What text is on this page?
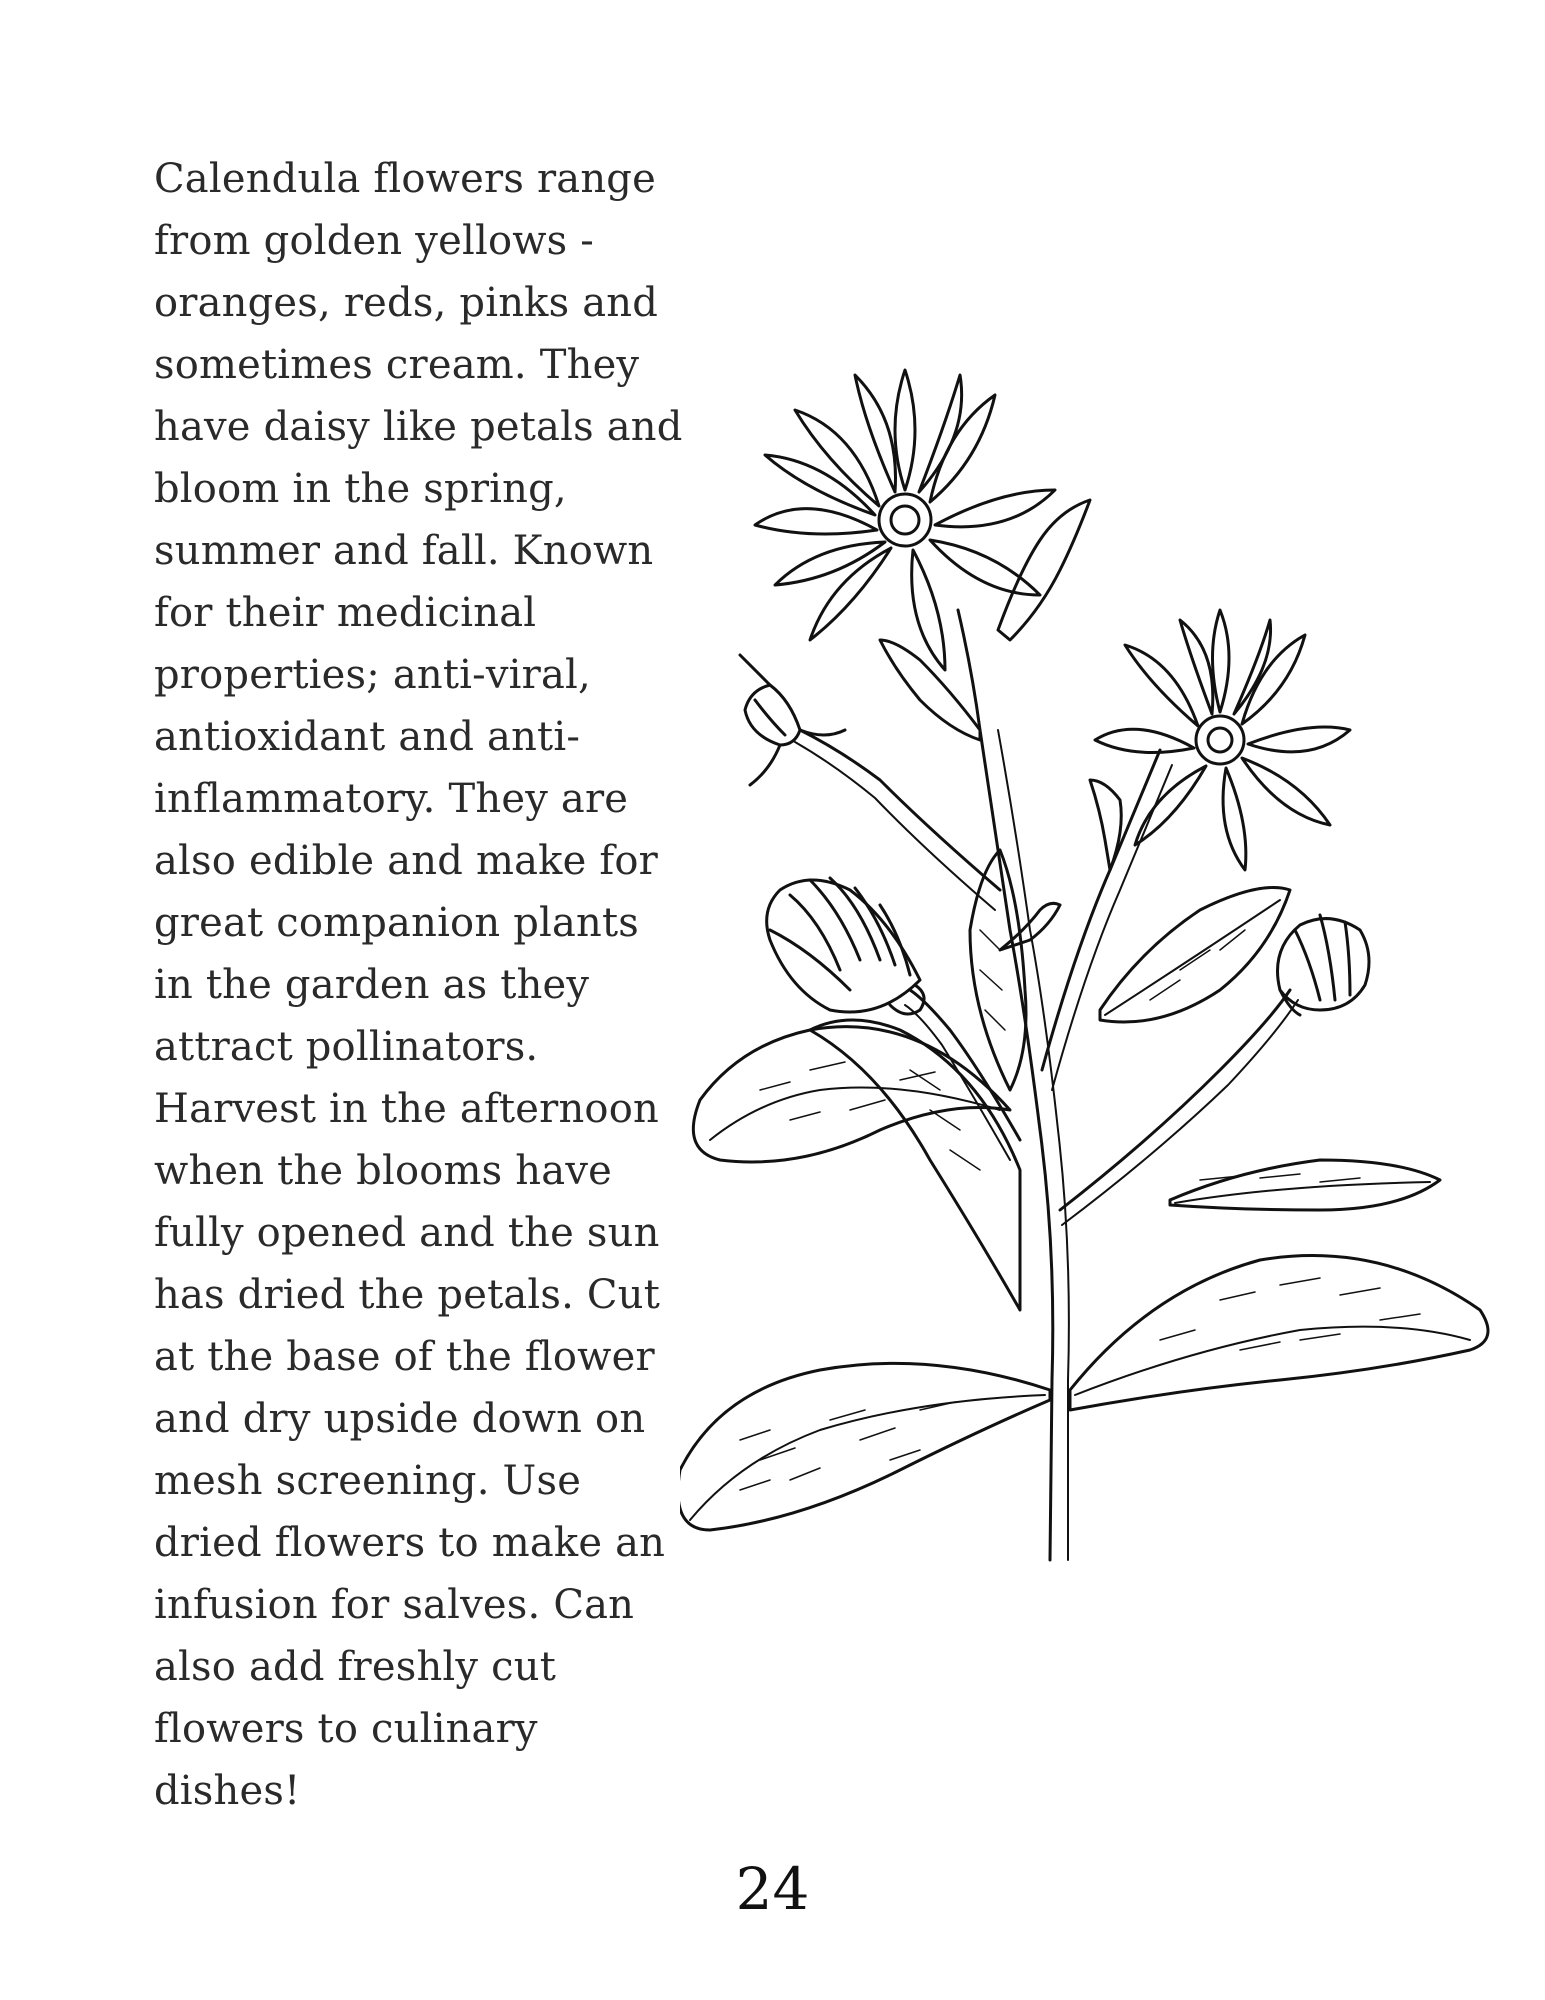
Calendula flowers range
from golden yellows -
oranges, reds, pinks and
sometimes cream. They
have daisy like petals and
bloom in the spring,
summer and fall. Known
for their medicinal
properties; anti-viral,
antioxidant and anti-
inflammatory. They are
also edible and make for
great companion plants
in the garden as they
attract pollinators.
Harvest in the afternoon
when the blooms have
fully opened and the sun
has dried the petals. Cut
at the base of the flower
and dry upside down on
mesh screening. Use
dried flowers to make an
infusion for salves. Can
also add freshly cut
flowers to culinary
dishes!
24
